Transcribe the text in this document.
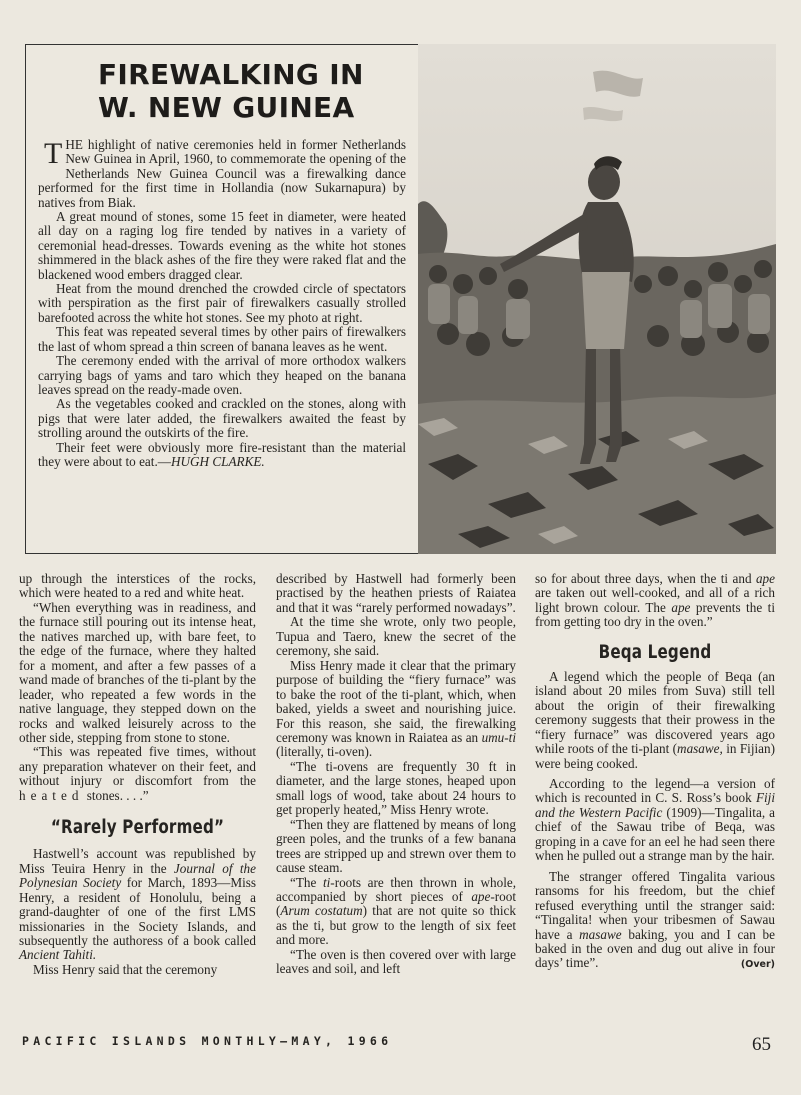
FIREWALKING IN
W. NEW GUINEA

THE highlight of native ceremonies held in former Netherlands New Guinea in April, 1960, to commemorate the opening of the Netherlands New Guinea Council was a firewalking dance performed for the first time in Hollandia (now Sukarnapura) by natives from Biak.

A great mound of stones, some 15 feet in diameter, were heated all day on a raging log fire tended by natives in a variety of ceremonial head-dresses. Towards evening as the white hot stones shimmered in the black ashes of the fire they were raked flat and the blackened wood embers dragged clear.

Heat from the mound drenched the crowded circle of spectators with perspiration as the first pair of firewalkers casually strolled barefooted across the white hot stones. See my photo at right.

This feat was repeated several times by other pairs of firewalkers the last of whom spread a thin screen of banana leaves as he went.

The ceremony ended with the arrival of more orthodox walkers carrying bags of yams and taro which they heaped on the banana leaves spread on the ready-made oven.

As the vegetables cooked and crackled on the stones, along with pigs that were later added, the firewalkers awaited the feast by strolling around the outskirts of the fire.

Their feet were obviously more fire-resistant than the material they were about to eat.—HUGH CLARKE.

up through the interstices of the rocks, which were heated to a red and white heat.

“When everything was in readiness, and the furnace still pouring out its intense heat, the natives marched up, with bare feet, to the edge of the furnace, where they halted for a moment, and after a few passes of a wand made of branches of the ti-plant by the leader, who repeated a few words in the native language, they stepped down on the rocks and walked leisurely across to the other side, stepping from stone to stone.

“This was repeated five times, without any preparation whatever on their feet, and without injury or discomfort from the heated stones. . . .”

“Rarely Performed”

Hastwell’s account was republished by Miss Teuira Henry in the Journal of the Polynesian Society for March, 1893—Miss Henry, a resident of Honolulu, being a grand-daughter of one of the first LMS missionaries in the Society Islands, and subsequently the authoress of a book called Ancient Tahiti.

Miss Henry said that the ceremony

described by Hastwell had formerly been practised by the heathen priests of Raiatea and that it was “rarely performed nowadays”.

At the time she wrote, only two people, Tupua and Taero, knew the secret of the ceremony, she said.

Miss Henry made it clear that the primary purpose of building the “fiery furnace” was to bake the root of the ti-plant, which, when baked, yields a sweet and nourishing juice. For this reason, she said, the firewalking ceremony was known in Raiatea as an umu-ti (literally, ti-oven).

“The ti-ovens are frequently 30 ft in diameter, and the large stones, heaped upon small logs of wood, take about 24 hours to get properly heated,” Miss Henry wrote.

“Then they are flattened by means of long green poles, and the trunks of a few banana trees are stripped up and strewn over them to cause steam.

“The ti-roots are then thrown in whole, accompanied by short pieces of ape-root (Arum costatum) that are not quite so thick as the ti, but grow to the length of six feet and more.

“The oven is then covered over with large leaves and soil, and left

so for about three days, when the ti and ape are taken out well-cooked, and all of a rich light brown colour. The ape prevents the ti from getting too dry in the oven.”

Beqa Legend

A legend which the people of Beqa (an island about 20 miles from Suva) still tell about the origin of their firewalking ceremony suggests that their prowess in the “fiery furnace” was discovered years ago while roots of the ti-plant (masawe, in Fijian) were being cooked.

According to the legend—a version of which is recounted in C. S. Ross’s book Fiji and the Western Pacific (1909)—Tingalita, a chief of the Sawau tribe of Beqa, was groping in a cave for an eel he had seen there when he pulled out a strange man by the hair.

The stranger offered Tingalita various ransoms for his freedom, but the chief refused everything until the stranger said: “Tingalita! when your tribesmen of Sawau have a masawe baking, you and I can be baked in the oven and dug out alive in four days’ time”.	(Over)

PACIFIC ISLANDS MONTHLY—MAY, 1966	65
